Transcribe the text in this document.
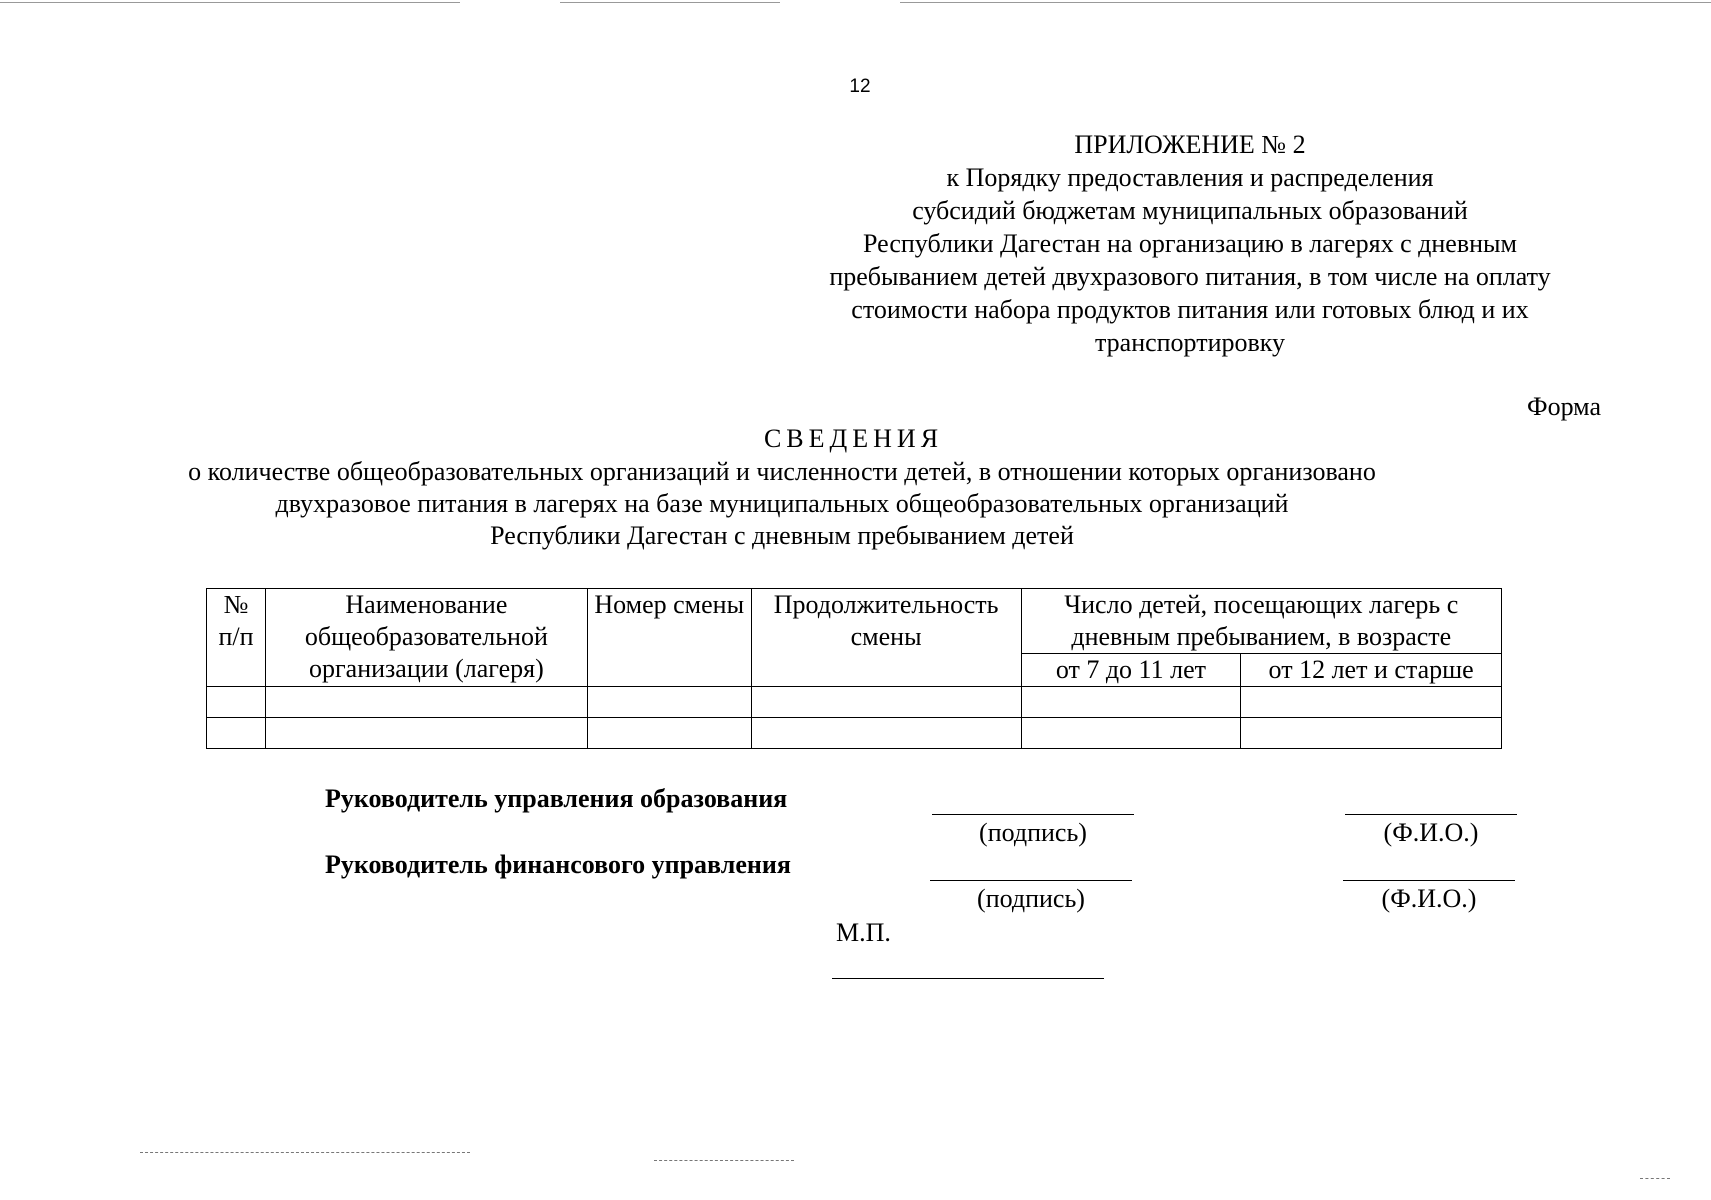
12
ПРИЛОЖЕНИЕ № 2
к Порядку предоставления и распределения
субсидий бюджетам муниципальных образований
Республики Дагестан на организацию в лагерях с дневным
пребыванием детей двухразового питания, в том числе на оплату
стоимости набора продуктов питания или готовых блюд и их
транспортировку
Форма
СВЕДЕНИЯ
о количестве общеобразовательных организаций и численности детей, в отношении которых организовано
двухразовое питания в лагерях на базе муниципальных общеобразовательных организаций
Республики Дагестан с дневным пребыванием детей
№ п/п	Наименование общеобразовательной организации (лагеря)	Номер смены	Продолжительность смены	Число детей, посещающих лагерь с дневным пребыванием, в возрасте	
				от 7 до 11 лет	от 12 лет и старше

Руководитель управления образования
(подпись)	(Ф.И.О.)
Руководитель финансового управления
(подпись)	(Ф.И.О.)
М.П.
